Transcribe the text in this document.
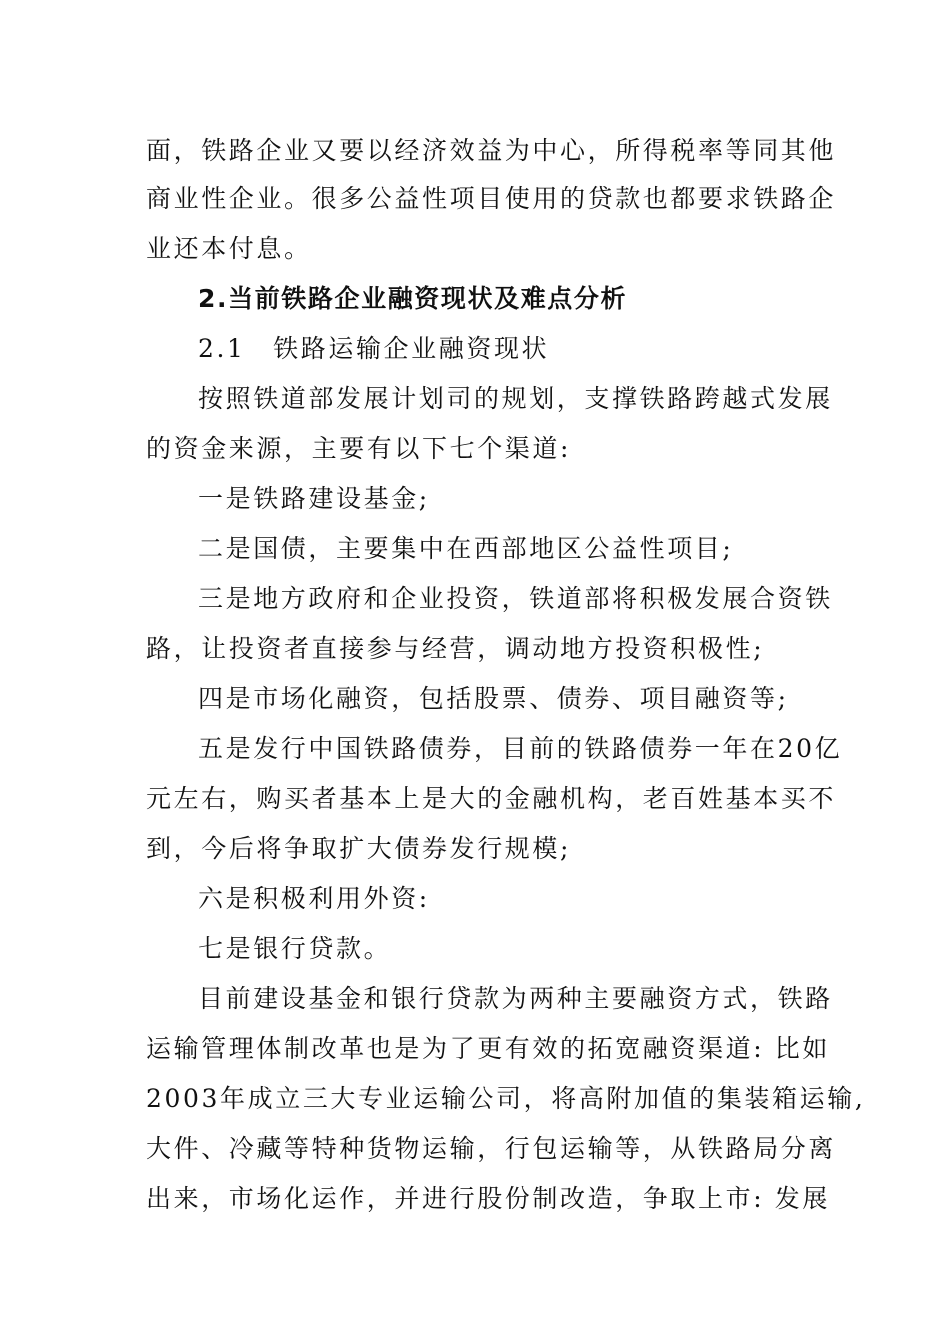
面，铁路企业又要以经济效益为中心，所得税率等同其他
商业性企业。很多公益性项目使用的贷款也都要求铁路企
业还本付息。
2.当前铁路企业融资现状及难点分析
2.1　铁路运输企业融资现状
按照铁道部发展计划司的规划，支撑铁路跨越式发展
的资金来源，主要有以下七个渠道:
一是铁路建设基金;
二是国债，主要集中在西部地区公益性项目;
三是地方政府和企业投资，铁道部将积极发展合资铁
路，让投资者直接参与经营，调动地方投资积极性;
四是市场化融资，包括股票、债券、项目融资等;
五是发行中国铁路债券，目前的铁路债券一年在20亿
元左右，购买者基本上是大的金融机构，老百姓基本买不
到，今后将争取扩大债券发行规模;
六是积极利用外资:
七是银行贷款。
目前建设基金和银行贷款为两种主要融资方式，铁路
运输管理体制改革也是为了更有效的拓宽融资渠道: 比如
2003年成立三大专业运输公司，将高附加值的集装箱运输,
大件、冷藏等特种货物运输，行包运输等，从铁路局分离
出来，市场化运作，并进行股份制改造，争取上市: 发展
